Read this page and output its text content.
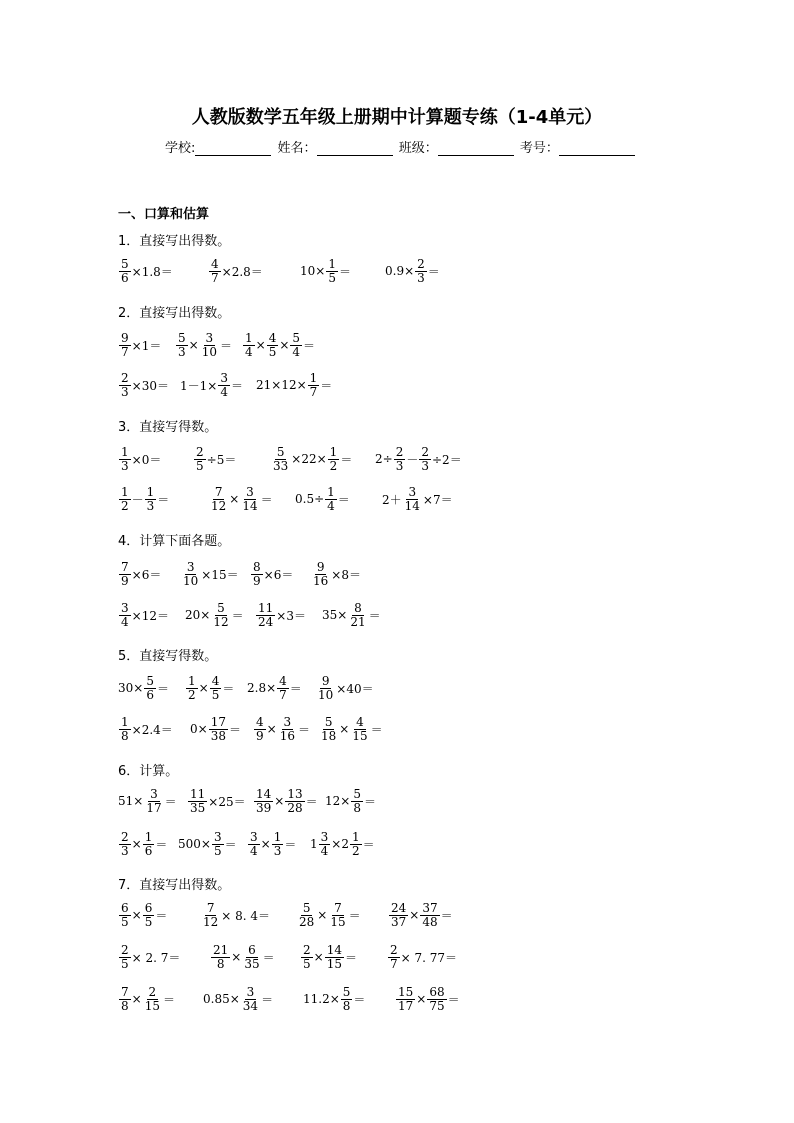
人教版数学五年级上册期中计算题专练（1-4单元）
学校:	姓名：	班级：	考号：
一、口算和估算
1．直接写出得数。
$\frac{5}{6} \times 1.8=$	$\frac{4}{7} \times 2.8=$	$10\times \frac{1}{5}$ ＝	$0.9\times \frac{2}{3}$ ＝
2．直接写出得数。
$\frac{9}{7} \times 1= \frac{5}{3} \times \frac{3}{10} = \frac{1}{4} \times \frac{4}{5} \times \frac{5}{4}$ ＝
$\frac{2}{3} \times 30= 1-1\times \frac{3}{4} = 21\times 12\times \frac{1}{7}$ ＝
3．直接写得数。
$\frac{1}{3} \times 0=$	$\frac{2}{5} \div 5=$	$\frac{5}{33} \times 22\times \frac{1}{2} = 2\div \frac{2}{3} - \frac{2}{3} \div 2=$
$\frac{1}{2} - \frac{1}{3}$ ＝	$\frac{7}{12} \times \frac{3}{14} = 0.5\div \frac{1}{4}$ ＝	$2+ \frac{3}{14} \times 7=$
4．计算下面各题。
$\frac{7}{9} \times 6= \frac{3}{10} \times 15= \frac{8}{9} \times 6= \frac{9}{16} \times 8=$
$\frac{3}{4} \times 12= 20\times \frac{5}{12} = \frac{11}{24} \times 3= 35\times \frac{8}{21}$ ＝
5．直接写得数。
$30\times \frac{5}{6} = \frac{1}{2} \times \frac{4}{5} = 2.8\times \frac{4}{7} = \frac{9}{10} \times 40=$
$\frac{1}{8} \times 2.4= 0\times \frac{17}{38} = \frac{4}{9} \times \frac{3}{16} = \frac{5}{18} \times \frac{4}{15}$ ＝
6．计算。
$51\times \frac{3}{17} = \frac{11}{35} \times 25= \frac{14}{39} \times \frac{13}{28} = 12\times \frac{5}{8}$ ＝
$\frac{2}{3} \times \frac{1}{6} = 500\times \frac{3}{5} = \frac{3}{4} \times \frac{1}{3} = 1 \frac{3}{4} \times 2 \frac{1}{2}$ ＝
7．直接写出得数。
$\frac{6}{5} \times \frac{6}{5}$ ＝	$\frac{7}{12} \times 8$. $4= \frac{5}{28} \times \frac{7}{15} = \frac{24}{37} \times \frac{37}{48}$ ＝
$\frac{2}{5} \times 2$. 7＝	$\frac{21}{8} \times \frac{6}{35} = \frac{2}{5} \times \frac{14}{15}$ ＝	$\frac{2}{7} \times 7$. 77＝
$\frac{7}{8} \times \frac{2}{15} = 0.85\times \frac{3}{34} = 11.2\times \frac{5}{8}$ ＝	$\frac{15}{17} \times \frac{68}{75}$ ＝
